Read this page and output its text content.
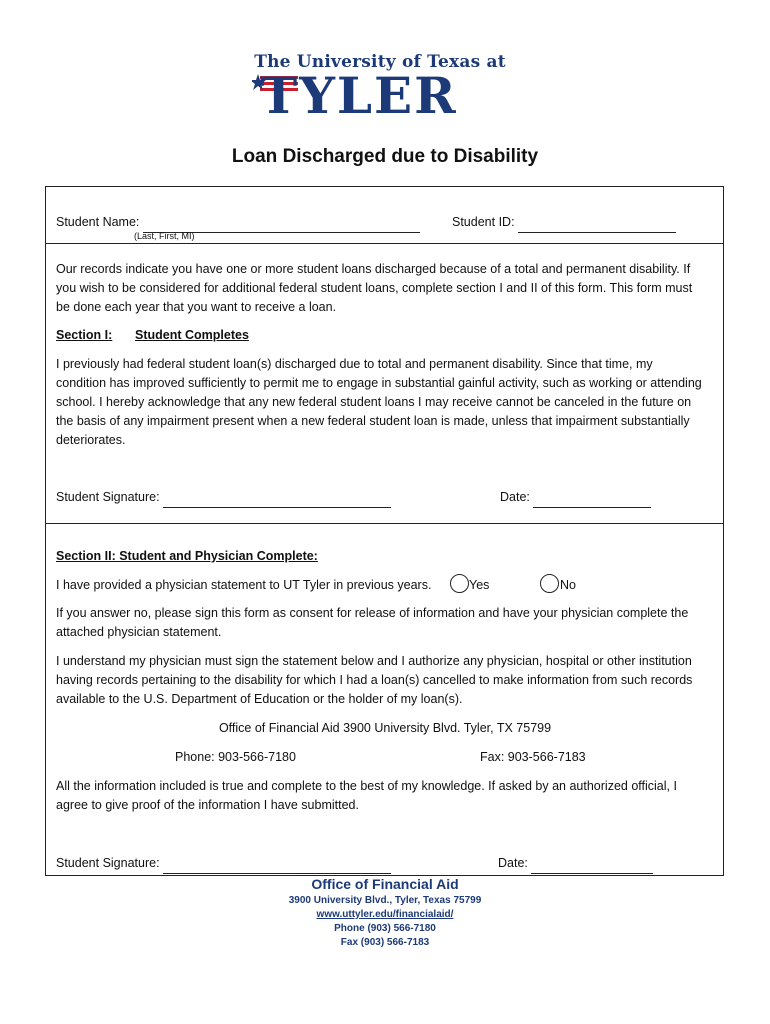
The University of Texas at
TYLER
Loan Discharged due to Disability
Student Name:
(Last, First, MI)
Student ID:
Our records indicate you have one or more student loans discharged because of a total and permanent disability. If you wish to be considered for additional federal student loans, complete section I and II of this form. This form must be done each year that you want to receive a loan.
Section I: Student Completes
I previously had federal student loan(s) discharged due to total and permanent disability. Since that time, my condition has improved sufficiently to permit me to engage in substantial gainful activity, such as working or attending school. I hereby acknowledge that any new federal student loans I may receive cannot be canceled in the future on the basis of any impairment present when a new federal student loan is made, unless that impairment substantially deteriorates.
Student Signature:	Date:
Section II: Student and Physician Complete:
I have provided a physician statement to UT Tyler in previous years.	Yes	No
If you answer no, please sign this form as consent for release of information and have your physician complete the attached physician statement.
I understand my physician must sign the statement below and I authorize any physician, hospital or other institution having records pertaining to the disability for which I had a loan(s) cancelled to make information from such records available to the U.S. Department of Education or the holder of my loan(s).
Office of Financial Aid 3900 University Blvd. Tyler, TX 75799
Phone: 903-566-7180	Fax: 903-566-7183
All the information included is true and complete to the best of my knowledge. If asked by an authorized official, I agree to give proof of the information I have submitted.
Student Signature:	Date:
Office of Financial Aid
3900 University Blvd., Tyler, Texas 75799
www.uttyler.edu/financialaid/
Phone (903) 566-7180
Fax (903) 566-7183
